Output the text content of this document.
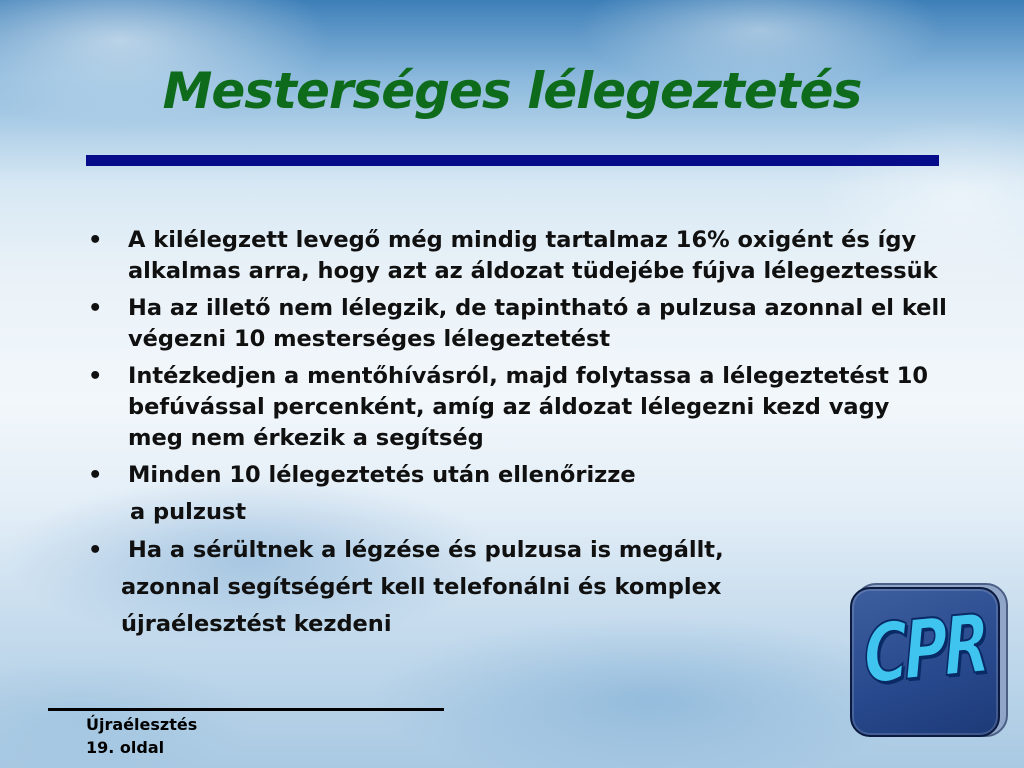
Mesterséges lélegeztetés
• A kilélegzett levegő még mindig tartalmaz 16% oxigént és így alkalmas arra, hogy azt az áldozat tüdejébe fújva lélegeztessük
• Ha az illető nem lélegzik, de tapintható a pulzusa azonnal el kell végezni 10 mesterséges lélegeztetést
• Intézkedjen a mentőhívásról, majd folytassa a lélegeztetést 10 befúvással percenként, amíg az áldozat lélegezni kezd vagy meg nem érkezik a segítség
• Minden 10 lélegeztetés után ellenőrizze
a pulzust
• Ha a sérültnek a légzése és pulzusa is megállt,
azonnal segítségért kell telefonálni és komplex
újraélesztést kezdeni
Újraélesztés
19. oldal
CPR
